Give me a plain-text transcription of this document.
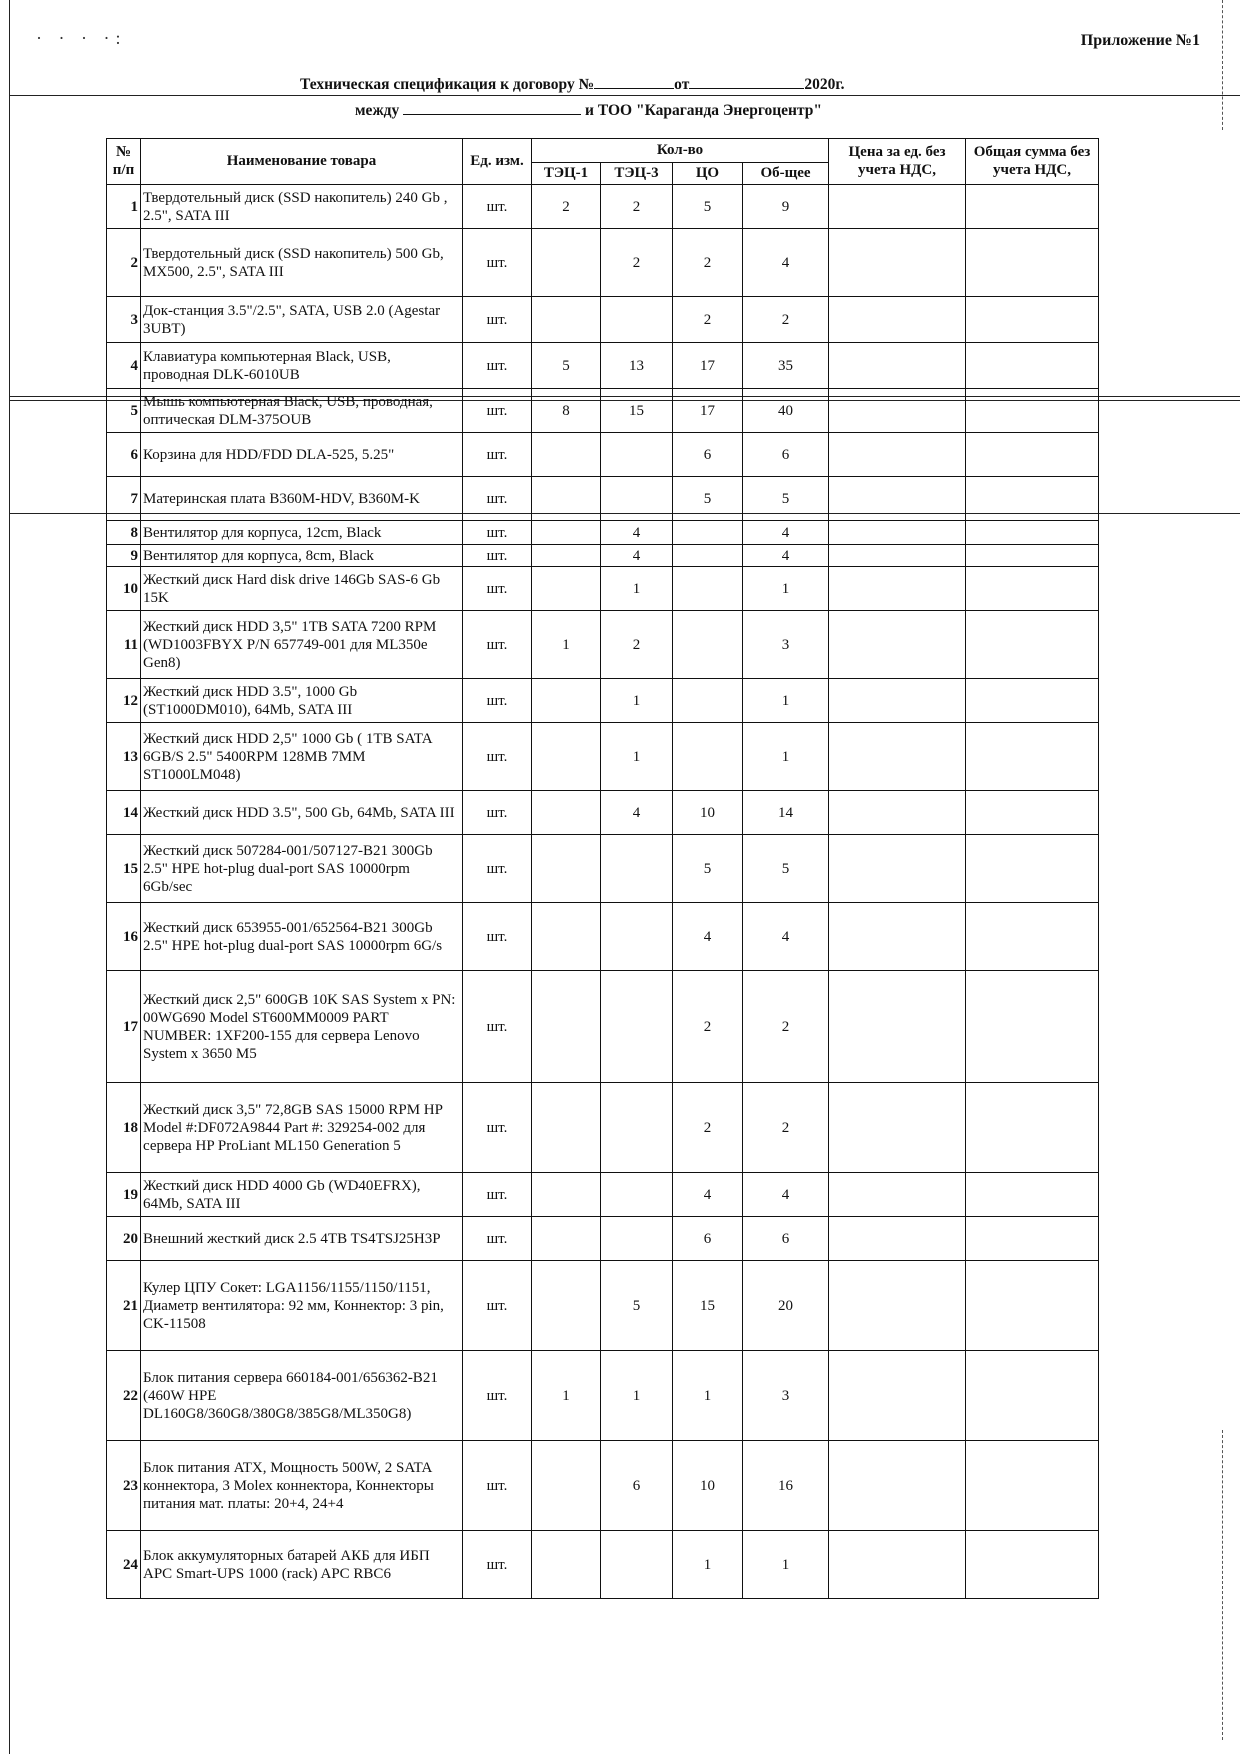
· · · ·:	Приложение №1
Техническая спецификация к договору №	от	2020г.
между	и ТОО "Караганда Энергоцентр"
№ п/п	Наименование товара	Ед. изм.	Кол-во				Цена за ед. без учета НДС,	Общая сумма без учета НДС,
			ТЭЦ-1	ТЭЦ-3	ЦО	Об-щее		
1	Твердотельный диск (SSD накопитель) 240 Gb , 2.5", SATA III	шт.	2	2	5	9		
2	Твердотельный диск (SSD накопитель) 500 Gb, MX500, 2.5", SATA III	шт.		2	2	4		
3	Док-станция 3.5"/2.5", SATA, USB 2.0 (Agestar 3UBT)	шт.			2	2		
4	Клавиатура компьютерная Black, USB, проводная DLK-6010UB	шт.	5	13	17	35		
5	Мышь компьютерная Black, USB, проводная, оптическая DLM-375OUB	шт.	8	15	17	40		
6	Корзина для HDD/FDD DLA-525, 5.25"	шт.			6	6		
7	Материнская плата B360M-HDV, B360M-K	шт.			5	5		
8	Вентилятор для корпуса, 12cm, Black	шт.		4		4		
9	Вентилятор для корпуса, 8cm, Black	шт.		4		4		
10	Жесткий диск Hard disk drive 146Gb SAS-6 Gb 15K	шт.		1		1		
11	Жесткий диск HDD 3,5" 1TB SATA 7200 RPM (WD1003FBYX P/N 657749-001 для ML350e Gen8)	шт.	1	2		3		
12	Жесткий диск HDD 3.5", 1000 Gb (ST1000DM010), 64Mb, SATA III	шт.		1		1		
13	Жесткий диск HDD 2,5" 1000 Gb ( 1TB SATA 6GB/S 2.5" 5400RPM 128MB 7MM ST1000LM048)	шт.		1		1		
14	Жесткий диск HDD 3.5", 500 Gb, 64Mb, SATA III	шт.		4	10	14		
15	Жесткий диск 507284-001/507127-B21 300Gb 2.5" HPE hot-plug dual-port SAS 10000rpm 6Gb/sec	шт.			5	5		
16	Жесткий диск 653955-001/652564-B21 300Gb 2.5" HPE hot-plug dual-port SAS 10000rpm 6G/s	шт.			4	4		
17	Жесткий диск 2,5" 600GB 10K SAS System x PN: 00WG690 Model ST600MM0009 PART NUMBER: 1XF200-155 для сервера Lenovo System x 3650 M5	шт.			2	2		
18	Жесткий диск 3,5" 72,8GB SAS 15000 RPM HP Model #:DF072A9844 Part #: 329254-002 для сервера HP ProLiant ML150 Generation 5	шт.			2	2		
19	Жесткий диск HDD 4000 Gb (WD40EFRX), 64Mb, SATA III	шт.			4	4		
20	Внешний жесткий диск 2.5 4TB TS4TSJ25H3P	шт.			6	6		
21	Кулер ЦПУ Сокет: LGA1156/1155/1150/1151, Диаметр вентилятора: 92 мм, Коннектор: 3 pin, CK-11508	шт.		5	15	20		
22	Блок питания сервера 660184-001/656362-B21 (460W HPE DL160G8/360G8/380G8/385G8/ML350G8)	шт.	1	1	1	3		
23	Блок питания ATX, Мощность 500W, 2 SATA коннектора, 3 Molex коннектора, Коннекторы питания мат. платы: 20+4, 24+4	шт.		6	10	16		
24	Блок аккумуляторных батарей АКБ для ИБП APC Smart-UPS 1000 (rack) APC RBC6	шт.			1	1		
